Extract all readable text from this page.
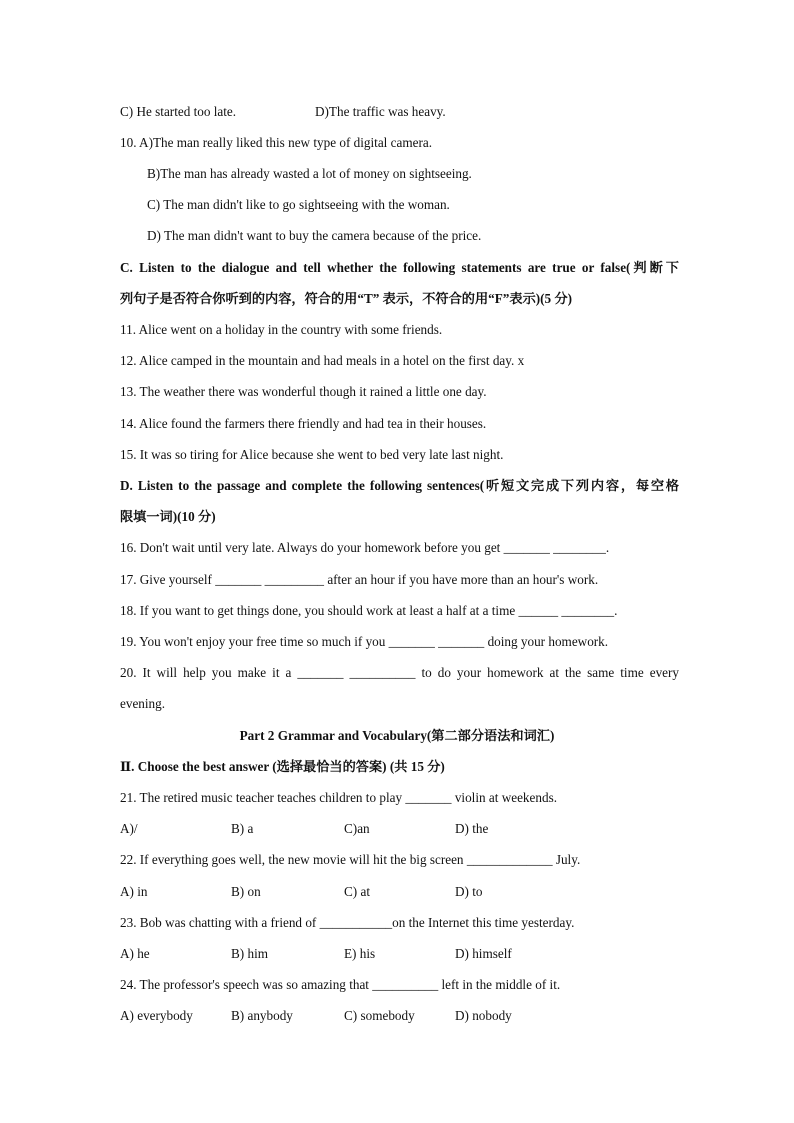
C) He started too late.	D)The traffic was heavy.
10. A)The man really liked this new type of digital camera.
B)The man has already wasted a lot of money on sightseeing.
C) The man didn't like to go sightseeing with the woman.
D) The man didn't want to buy the camera because of the price.
C. Listen to the dialogue and tell whether the following statements are true or false(判断下
列句子是否符合你听到的内容，符合的用“T” 表示，不符合的用“F”表示)(5 分)
11. Alice went on a holiday in the country with some friends.
12. Alice camped in the mountain and had meals in a hotel on the first day. x
13. The weather there was wonderful though it rained a little one day.
14. Alice found the farmers there friendly and had tea in their houses.
15. It was so tiring for Alice because she went to bed very late last night.
D. Listen to the passage and complete the following sentences(听短文完成下列内容，每空格
限填一词)(10 分)
16. Don't wait until very late. Always do your homework before you get _______ ________.
17. Give yourself _______ _________ after an hour if you have more than an hour's work.
18. If you want to get things done, you should work at least a half at a time ______ ________.
19. You won't enjoy your free time so much if you _______ _______ doing your homework.
20. It will help you make it a _______ __________ to do your homework at the same time every
evening.
Part 2 Grammar and Vocabulary(第二部分语法和词汇)
Ⅱ. Choose the best answer (选择最恰当的答案) (共 15 分)
21. The retired music teacher teaches children to play _______ violin at weekends.
A)/	B) a	C)an	D) the
22. If everything goes well, the new movie will hit the big screen _____________ July.
A) in	B) on	C) at	D) to
23. Bob was chatting with a friend of ___________on the Internet this time yesterday.
A) he	B) him	E) his	D) himself
24. The professor's speech was so amazing that __________ left in the middle of it.
A) everybody	B) anybody	C) somebody	D) nobody
